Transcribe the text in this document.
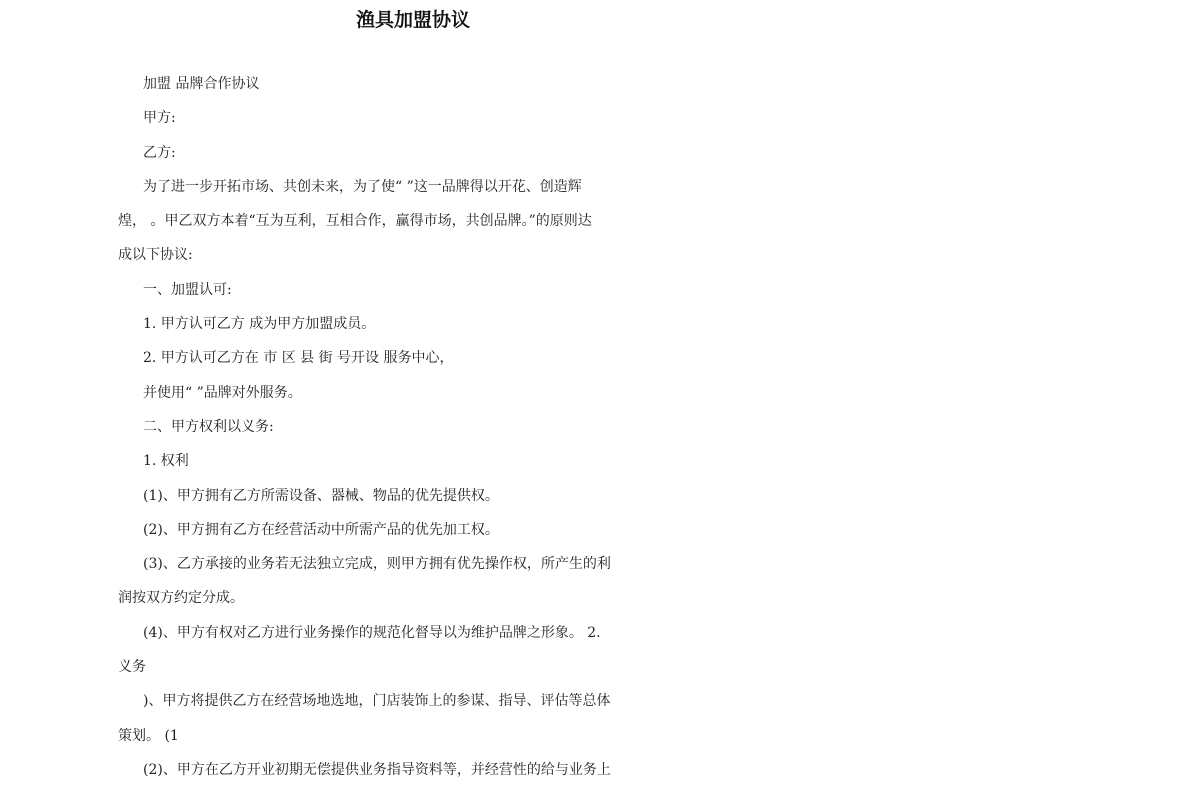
渔具加盟协议
加盟 品牌合作协议
甲方:
乙方:
为了进一步开拓市场、共创未来，为了使“ ”这一品牌得以开花、创造辉
煌， 。甲乙双方本着“互为互利，互相合作，赢得市场，共创品牌。”的原则达
成以下协议:
一、加盟认可:
1. 甲方认可乙方 成为甲方加盟成员。
2. 甲方认可乙方在 市 区 县 街 号开设 服务中心，
并使用“ ”品牌对外服务。
二、甲方权利以义务:
1. 权利
(1)、甲方拥有乙方所需设备、器械、物品的优先提供权。
(2)、甲方拥有乙方在经营活动中所需产品的优先加工权。
(3)、乙方承接的业务若无法独立完成，则甲方拥有优先操作权，所产生的利
润按双方约定分成。
(4)、甲方有权对乙方进行业务操作的规范化督导以为维护品牌之形象。 2.
义务
)、甲方将提供乙方在经营场地选地，门店装饰上的参谋、指导、评估等总体
策划。 (1
(2)、甲方在乙方开业初期无偿提供业务指导资料等，并经营性的给与业务上
